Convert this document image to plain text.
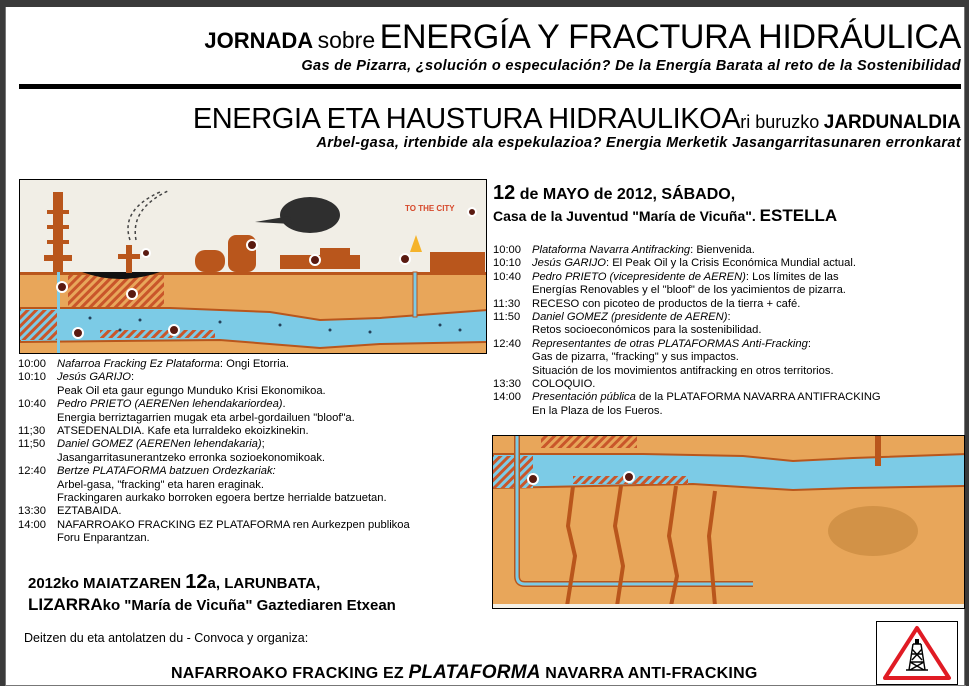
JORNADA sobre ENERGÍA Y FRACTURA HIDRÁULICA
Gas de Pizarra, ¿solución o especulación? De la Energía Barata al reto de la Sostenibilidad
ENERGIA ETA HAUSTURA HIDRAULIKOAri buruzko JARDUNALDIA
Arbel-gasa, irtenbide ala espekulazioa? Energia Merketik Jasangarritasunaren erronkarat
TO THE CITY
12 de MAYO de 2012, SÁBADO,
Casa de la Juventud "María de Vicuña". ESTELLA
10:00 Plataforma Navarra Antifracking: Bienvenida.
10:10 Jesús GARIJO: El Peak Oil y la Crisis Económica Mundial actual.
10:40 Pedro PRIETO (vicepresidente de AEREN): Los límites de las
Energías Renovables y el "bloof" de los yacimientos de pizarra.
11:30	RECESO con picoteo de productos de la tierra + café.
11:50	Daniel GOMEZ (presidente de AEREN):
Retos socioeconómicos para la sostenibilidad.
12:40 Representantes de otras PLATAFORMAS Anti-Fracking:
Gas de pizarra, "fracking" y sus impactos.
Situación de los movimientos antifracking en otros territorios.
13:30 COLOQUIO.
14:00 Presentación pública de la PLATAFORMA NAVARRA ANTIFRACKING
En la Plaza de los Fueros.
10:00 Nafarroa Fracking Ez Plataforma: Ongi Etorria.
10:10 Jesús GARIJO:
Peak Oil eta gaur egungo Munduko Krisi Ekonomikoa.
10:40 Pedro PRIETO (AERENen lehendakariordea).
Energia berriztagarrien mugak eta arbel-gordailuen "bloof"a.
11;30	ATSEDENALDIA. Kafe eta lurraldeko ekoizkinekin.
11;50	Daniel GOMEZ (AERENen lehendakaria);
Jasangarritasunerantzeko erronka sozioekonomikoak.
12:40 Bertze PLATAFORMA batzuen Ordezkariak:
Arbel-gasa, "fracking" eta haren eraginak.
Frackingaren aurkako borroken egoera bertze herrialde batzuetan.
13:30 EZTABAIDA.
14:00 NAFARROAKO FRACKING EZ PLATAFORMA ren Aurkezpen publikoa
Foru Enparantzan.
2012ko MAIATZAREN 12a, LARUNBATA,
LIZARRAko "María de Vicuña" Gaztediaren Etxean
Deitzen du eta antolatzen du - Convoca y organiza:
NAFARROAKO FRACKING EZ PLATAFORMA NAVARRA ANTI-FRACKING
